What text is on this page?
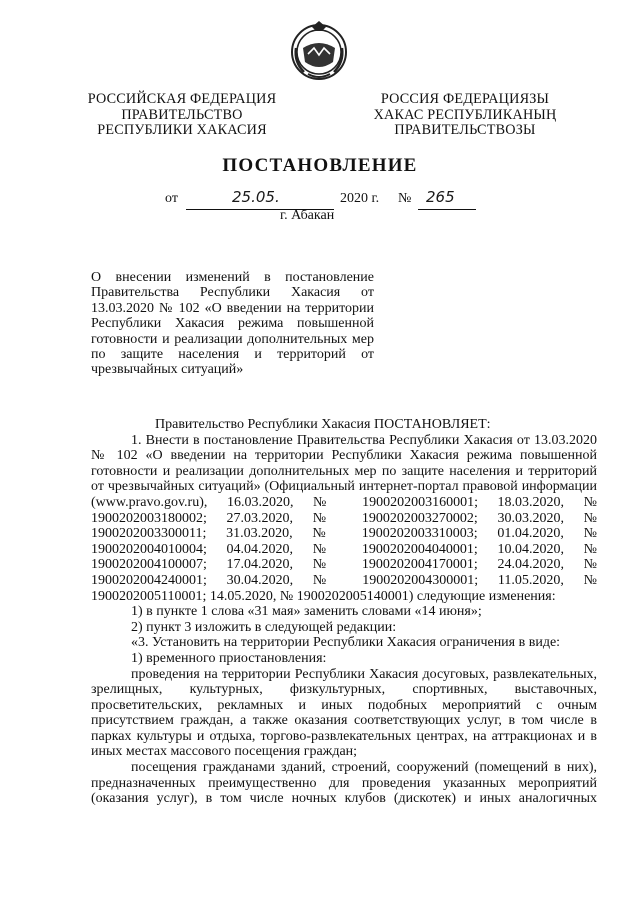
РОССИЙСКАЯ ФЕДЕРАЦИЯ
ПРАВИТЕЛЬСТВО
РЕСПУБЛИКИ ХАКАСИЯ
РОССИЯ ФЕДЕРАЦИЯЗЫ
ХАКАС РЕСПУБЛИКАНЫҢ
ПРАВИТЕЛЬСТВОЗЫ
ПОСТАНОВЛЕНИЕ
от	25.05.	2020 г. № 265
г. Абакан

О внесении изменений в постановление Правительства Республики Хакасия от 13.03.2020 № 102 «О введении на территории Республики Хакасия режима повышенной готовности и реализации дополнительных мер по защите населения и территорий от чрезвычайных ситуаций»

Правительство Республики Хакасия ПОСТАНОВЛЯЕТ:

1. Внести в постановление Правительства Республики Хакасия от 13.03.2020 № 102 «О введении на территории Республики Хакасия режима повышенной готовности и реализации дополнительных мер по защите населения и территорий от чрезвычайных ситуаций» (Официальный интернет-портал правовой информации (www.pravo.gov.ru), 16.03.2020, № 1900202003160001; 18.03.2020, № 1900202003180002; 27.03.2020, № 1900202003270002; 30.03.2020, № 1900202003300011; 31.03.2020, № 1900202003310003; 01.04.2020, № 1900202004010004; 04.04.2020, № 1900202004040001; 10.04.2020, № 1900202004100007; 17.04.2020, № 1900202004170001; 24.04.2020, № 1900202004240001; 30.04.2020, № 1900202004300001; 11.05.2020, № 1900202005110001; 14.05.2020, № 1900202005140001) следующие изменения:

1) в пункте 1 слова «31 мая» заменить словами «14 июня»;

2) пункт 3 изложить в следующей редакции:

«3. Установить на территории Республики Хакасия ограничения в виде:

1) временного приостановления:

проведения на территории Республики Хакасия досуговых, развлекательных, зрелищных, культурных, физкультурных, спортивных, выставочных, просветительских, рекламных и иных подобных мероприятий с очным присутствием граждан, а также оказания соответствующих услуг, в том числе в парках культуры и отдыха, торгово-развлекательных центрах, на аттракционах и в иных местах массового посещения граждан;

посещения гражданами зданий, строений, сооружений (помещений в них), предназначенных преимущественно для проведения указанных мероприятий (оказания услуг), в том числе ночных клубов (дискотек) и иных аналогичных
